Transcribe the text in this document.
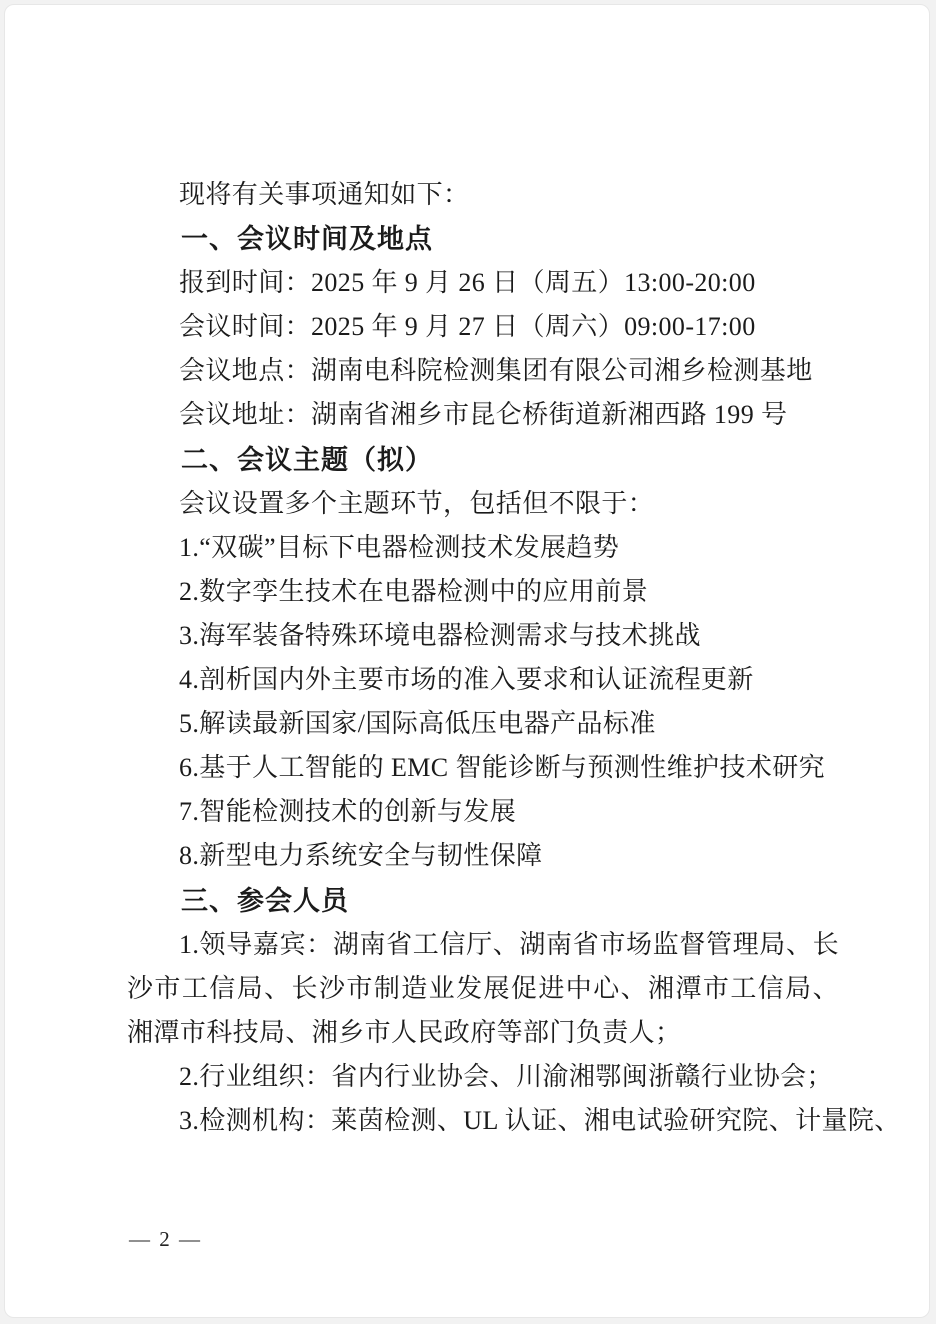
现将有关事项通知如下：

一、会议时间及地点

报到时间：2025 年 9 月 26 日（周五）13:00-20:00

会议时间：2025 年 9 月 27 日（周六）09:00-17:00

会议地点：湖南电科院检测集团有限公司湘乡检测基地

会议地址：湖南省湘乡市昆仑桥街道新湘西路 199 号

二、会议主题（拟）

会议设置多个主题环节，包括但不限于：

1.“双碳”目标下电器检测技术发展趋势

2.数字孪生技术在电器检测中的应用前景

3.海军装备特殊环境电器检测需求与技术挑战

4.剖析国内外主要市场的准入要求和认证流程更新

5.解读最新国家/国际高低压电器产品标准

6.基于人工智能的 EMC 智能诊断与预测性维护技术研究

7.智能检测技术的创新与发展

8.新型电力系统安全与韧性保障

三、参会人员

1.领导嘉宾：湖南省工信厅、湖南省市场监督管理局、长沙市工信局、长沙市制造业发展促进中心、湘潭市工信局、湘潭市科技局、湘乡市人民政府等部门负责人；

2.行业组织：省内行业协会、川渝湘鄂闽浙赣行业协会；

3.检测机构：莱茵检测、UL 认证、湘电试验研究院、计量院、

— 2 —
